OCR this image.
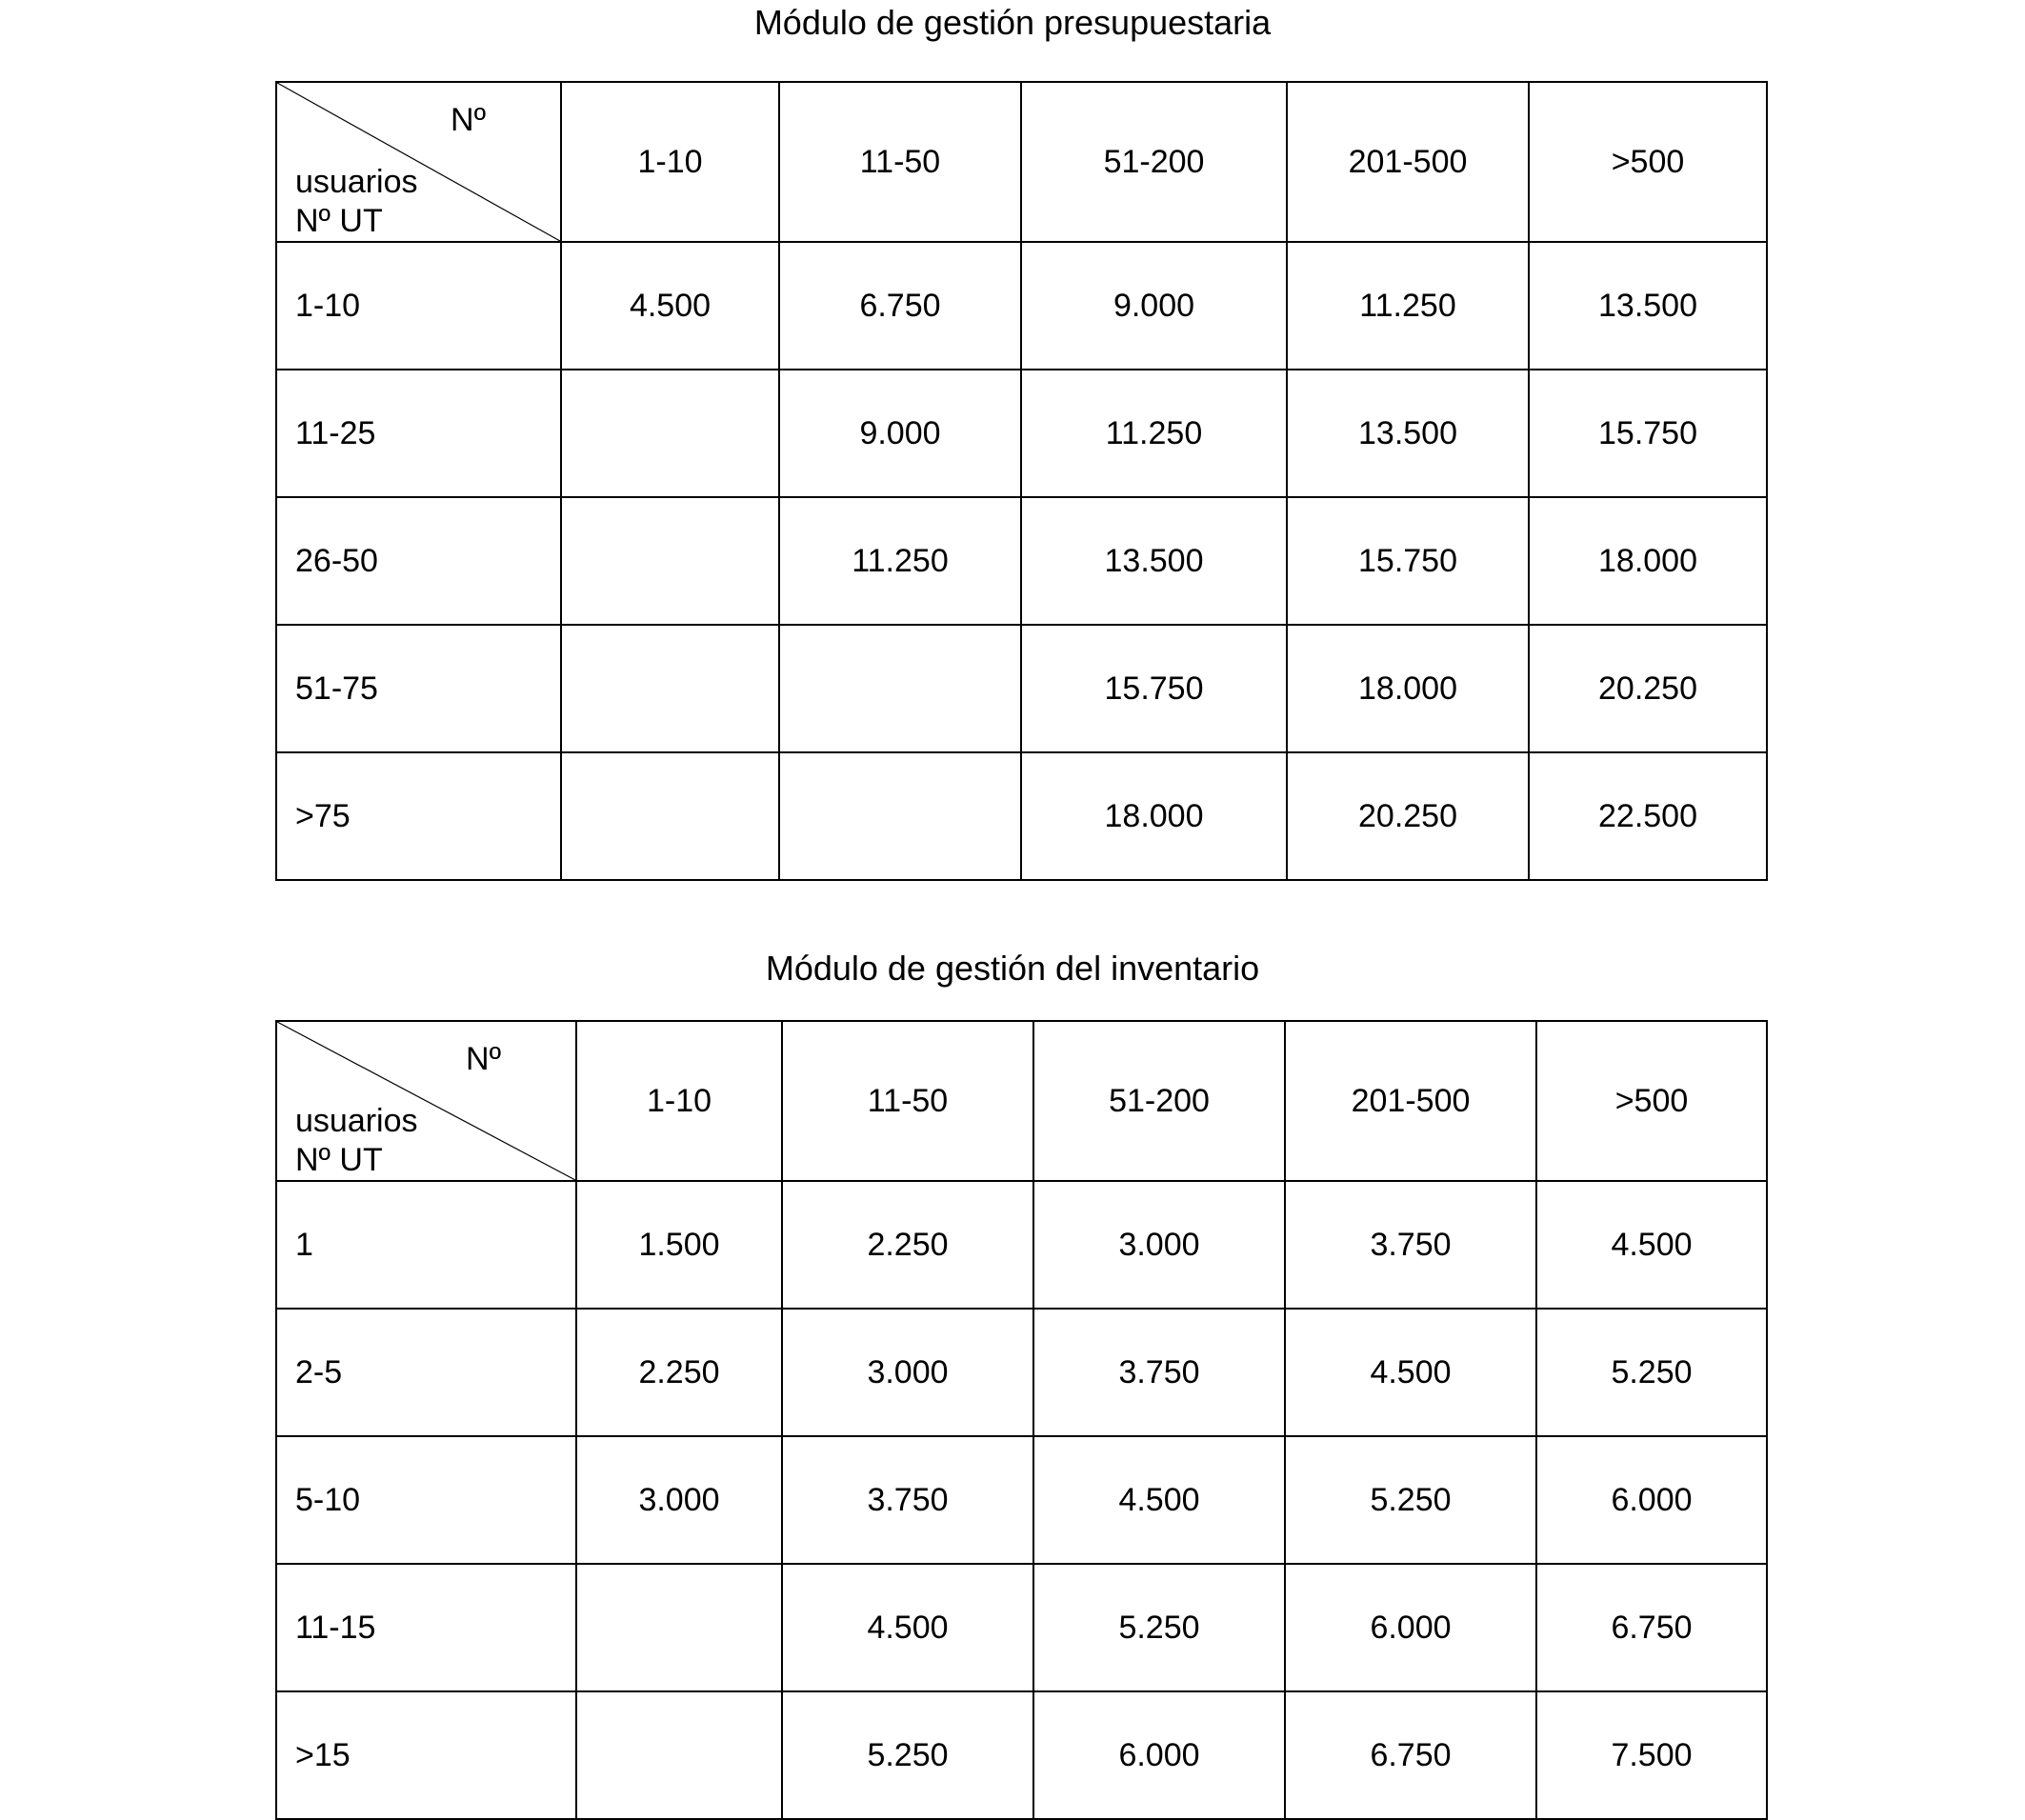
Módulo de gestión presupuestaria
Nº
usuarios
Nº UT	1-10	11-50	51-200	201-500	>500
1-10	4.500	6.750	9.000	11.250	13.500
11-25		9.000	11.250	13.500	15.750
26-50		11.250	13.500	15.750	18.000
51-75			15.750	18.000	20.250
>75			18.000	20.250	22.500
Módulo de gestión del inventario
Nº
usuarios
Nº UT	1-10	11-50	51-200	201-500	>500
1	1.500	2.250	3.000	3.750	4.500
2-5	2.250	3.000	3.750	4.500	5.250
5-10	3.000	3.750	4.500	5.250	6.000
11-15		4.500	5.250	6.000	6.750
>15		5.250	6.000	6.750	7.500
